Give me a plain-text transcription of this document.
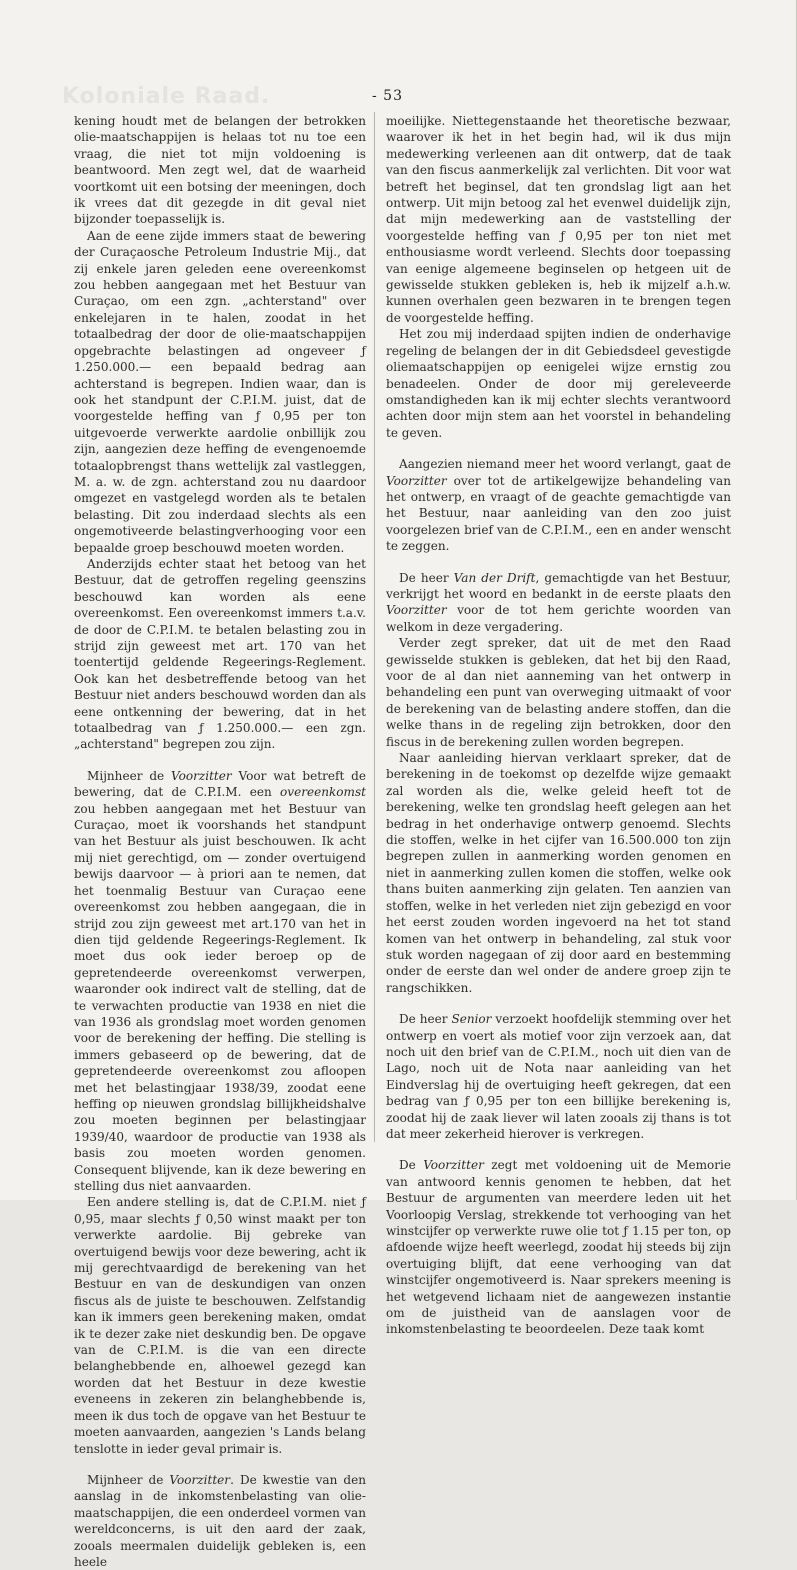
Koloniale Raad.	- 53

kening houdt met de belangen der betrokken olie-maatschappijen is helaas tot nu toe een vraag, die niet tot mijn voldoening is beantwoord. Men zegt wel, dat de waarheid voortkomt uit een botsing der meeningen, doch ik vrees dat dit gezegde in dit geval niet bijzonder toepasselijk is.

Aan de eene zijde immers staat de bewering der Curaçaosche Petroleum Industrie Mij., dat zij enkele jaren geleden eene overeenkomst zou hebben aangegaan met het Bestuur van Curaçao, om een zgn. „achterstand" over enkelejaren in te halen, zoodat in het totaalbedrag der door de olie-maatschappijen opgebrachte belastingen ad ongeveer ƒ 1.250.000.— een bepaald bedrag aan achterstand is begrepen. Indien waar, dan is ook het standpunt der C.P.I.M. juist, dat de voorgestelde heffing van ƒ 0,95 per ton uitgevoerde verwerkte aardolie onbillijk zou zijn, aangezien deze heffing de evengenoemde totaalopbrengst thans wettelijk zal vastleggen, M. a. w. de zgn. achterstand zou nu daardoor omgezet en vastgelegd worden als te betalen belasting. Dit zou inderdaad slechts als een ongemotiveerde belastingverhooging voor een bepaalde groep beschouwd moeten worden.

Anderzijds echter staat het betoog van het Bestuur, dat de getroffen regeling geenszins beschouwd kan worden als eene overeenkomst. Een overeenkomst immers t.a.v. de door de C.P.I.M. te betalen belasting zou in strijd zijn geweest met art. 170 van het toentertijd geldende Regeerings-Reglement. Ook kan het desbetreffende betoog van het Bestuur niet anders beschouwd worden dan als eene ontkenning der bewering, dat in het totaalbedrag van ƒ 1.250.000.— een zgn. „achterstand" begrepen zou zijn.

Mijnheer de Voorzitter Voor wat betreft de bewering, dat de C.P.I.M. een overeenkomst zou hebben aangegaan met het Bestuur van Curaçao, moet ik voorshands het standpunt van het Bestuur als juist beschouwen. Ik acht mij niet gerechtigd, om — zonder overtuigend bewijs daarvoor — à priori aan te nemen, dat het toenmalig Bestuur van Curaçao eene overeenkomst zou hebben aangegaan, die in strijd zou zijn geweest met art.170 van het in dien tijd geldende Regeerings-Reglement. Ik moet dus ook ieder beroep op de gepretendeerde overeenkomst verwerpen, waaronder ook indirect valt de stelling, dat de te verwachten productie van 1938 en niet die van 1936 als grondslag moet worden genomen voor de berekening der heffing. Die stelling is immers gebaseerd op de bewering, dat de gepretendeerde overeenkomst zou afloopen met het belastingjaar 1938/39, zoodat eene heffing op nieuwen grondslag billijkheidshalve zou moeten beginnen per belastingjaar 1939/40, waardoor de productie van 1938 als basis zou moeten worden genomen. Consequent blijvende, kan ik deze bewering en stelling dus niet aanvaarden.

Een andere stelling is, dat de C.P.I.M. niet ƒ 0,95, maar slechts ƒ 0,50 winst maakt per ton verwerkte aardolie. Bij gebreke van overtuigend bewijs voor deze bewering, acht ik mij gerechtvaardigd de berekening van het Bestuur en van de deskundigen van onzen fiscus als de juiste te beschouwen. Zelfstandig kan ik immers geen berekening maken, omdat ik te dezer zake niet deskundig ben. De opgave van de C.P.I.M. is die van een directe belanghebbende en, alhoewel gezegd kan worden dat het Bestuur in deze kwestie eveneens in zekeren zin belanghebbende is, meen ik dus toch de opgave van het Bestuur te moeten aanvaarden, aangezien 's Lands belang tenslotte in ieder geval primair is.

Mijnheer de Voorzitter. De kwestie van den aanslag in de inkomstenbelasting van olie-maatschappijen, die een onderdeel vormen van wereldconcerns, is uit den aard der zaak, zooals meermalen duidelijk gebleken is, een heele

moeilijke. Niettegenstaande het theoretische bezwaar, waarover ik het in het begin had, wil ik dus mijn medewerking verleenen aan dit ontwerp, dat de taak van den fiscus aanmerkelijk zal verlichten. Dit voor wat betreft het beginsel, dat ten grondslag ligt aan het ontwerp. Uit mijn betoog zal het evenwel duidelijk zijn, dat mijn medewerking aan de vaststelling der voorgestelde heffing van ƒ 0,95 per ton niet met enthousiasme wordt verleend. Slechts door toepassing van eenige algemeene beginselen op hetgeen uit de gewisselde stukken gebleken is, heb ik mijzelf a.h.w. kunnen overhalen geen bezwaren in te brengen tegen de voorgestelde heffing.

Het zou mij inderdaad spijten indien de onderhavige regeling de belangen der in dit Gebiedsdeel gevestigde oliemaatschappijen op eenigelei wijze ernstig zou benadeelen. Onder de door mij gereleveerde omstandigheden kan ik mij echter slechts verantwoord achten door mijn stem aan het voorstel in behandeling te geven.

Aangezien niemand meer het woord verlangt, gaat de Voorzitter over tot de artikelgewijze behandeling van het ontwerp, en vraagt of de geachte gemachtigde van het Bestuur, naar aanleiding van den zoo juist voorgelezen brief van de C.P.I.M., een en ander wenscht te zeggen.

De heer Van der Drift, gemachtigde van het Bestuur, verkrijgt het woord en bedankt in de eerste plaats den Voorzitter voor de tot hem gerichte woorden van welkom in deze vergadering.

Verder zegt spreker, dat uit de met den Raad gewisselde stukken is gebleken, dat het bij den Raad, voor de al dan niet aanneming van het ontwerp in behandeling een punt van overweging uitmaakt of voor de berekening van de belasting andere stoffen, dan die welke thans in de regeling zijn betrokken, door den fiscus in de berekening zullen worden begrepen.

Naar aanleiding hiervan verklaart spreker, dat de berekening in de toekomst op dezelfde wijze gemaakt zal worden als die, welke geleid heeft tot de berekening, welke ten grondslag heeft gelegen aan het bedrag in het onderhavige ontwerp genoemd. Slechts die stoffen, welke in het cijfer van 16.500.000 ton zijn begrepen zullen in aanmerking worden genomen en niet in aanmerking zullen komen die stoffen, welke ook thans buiten aanmerking zijn gelaten. Ten aanzien van stoffen, welke in het verleden niet zijn gebezigd en voor het eerst zouden worden ingevoerd na het tot stand komen van het ontwerp in behandeling, zal stuk voor stuk worden nagegaan of zij door aard en bestemming onder de eerste dan wel onder de andere groep zijn te rangschikken.

De heer Senior verzoekt hoofdelijk stemming over het ontwerp en voert als motief voor zijn verzoek aan, dat noch uit den brief van de C.P.I.M., noch uit dien van de Lago, noch uit de Nota naar aanleiding van het Eindverslag hij de overtuiging heeft gekregen, dat een bedrag van ƒ 0,95 per ton een billijke berekening is, zoodat hij de zaak liever wil laten zooals zij thans is tot dat meer zekerheid hierover is verkregen.

De Voorzitter zegt met voldoening uit de Memorie van antwoord kennis genomen te hebben, dat het Bestuur de argumenten van meerdere leden uit het Voorloopig Verslag, strekkende tot verhooging van het winstcijfer op verwerkte ruwe olie tot ƒ 1.15 per ton, op afdoende wijze heeft weerlegd, zoodat hij steeds bij zijn overtuiging blijft, dat eene verhooging van dat winstcijfer ongemotiveerd is. Naar sprekers meening is het wetgevend lichaam niet de aangewezen instantie om de juistheid van de aanslagen voor de inkomstenbelasting te beoordeelen. Deze taak komt
